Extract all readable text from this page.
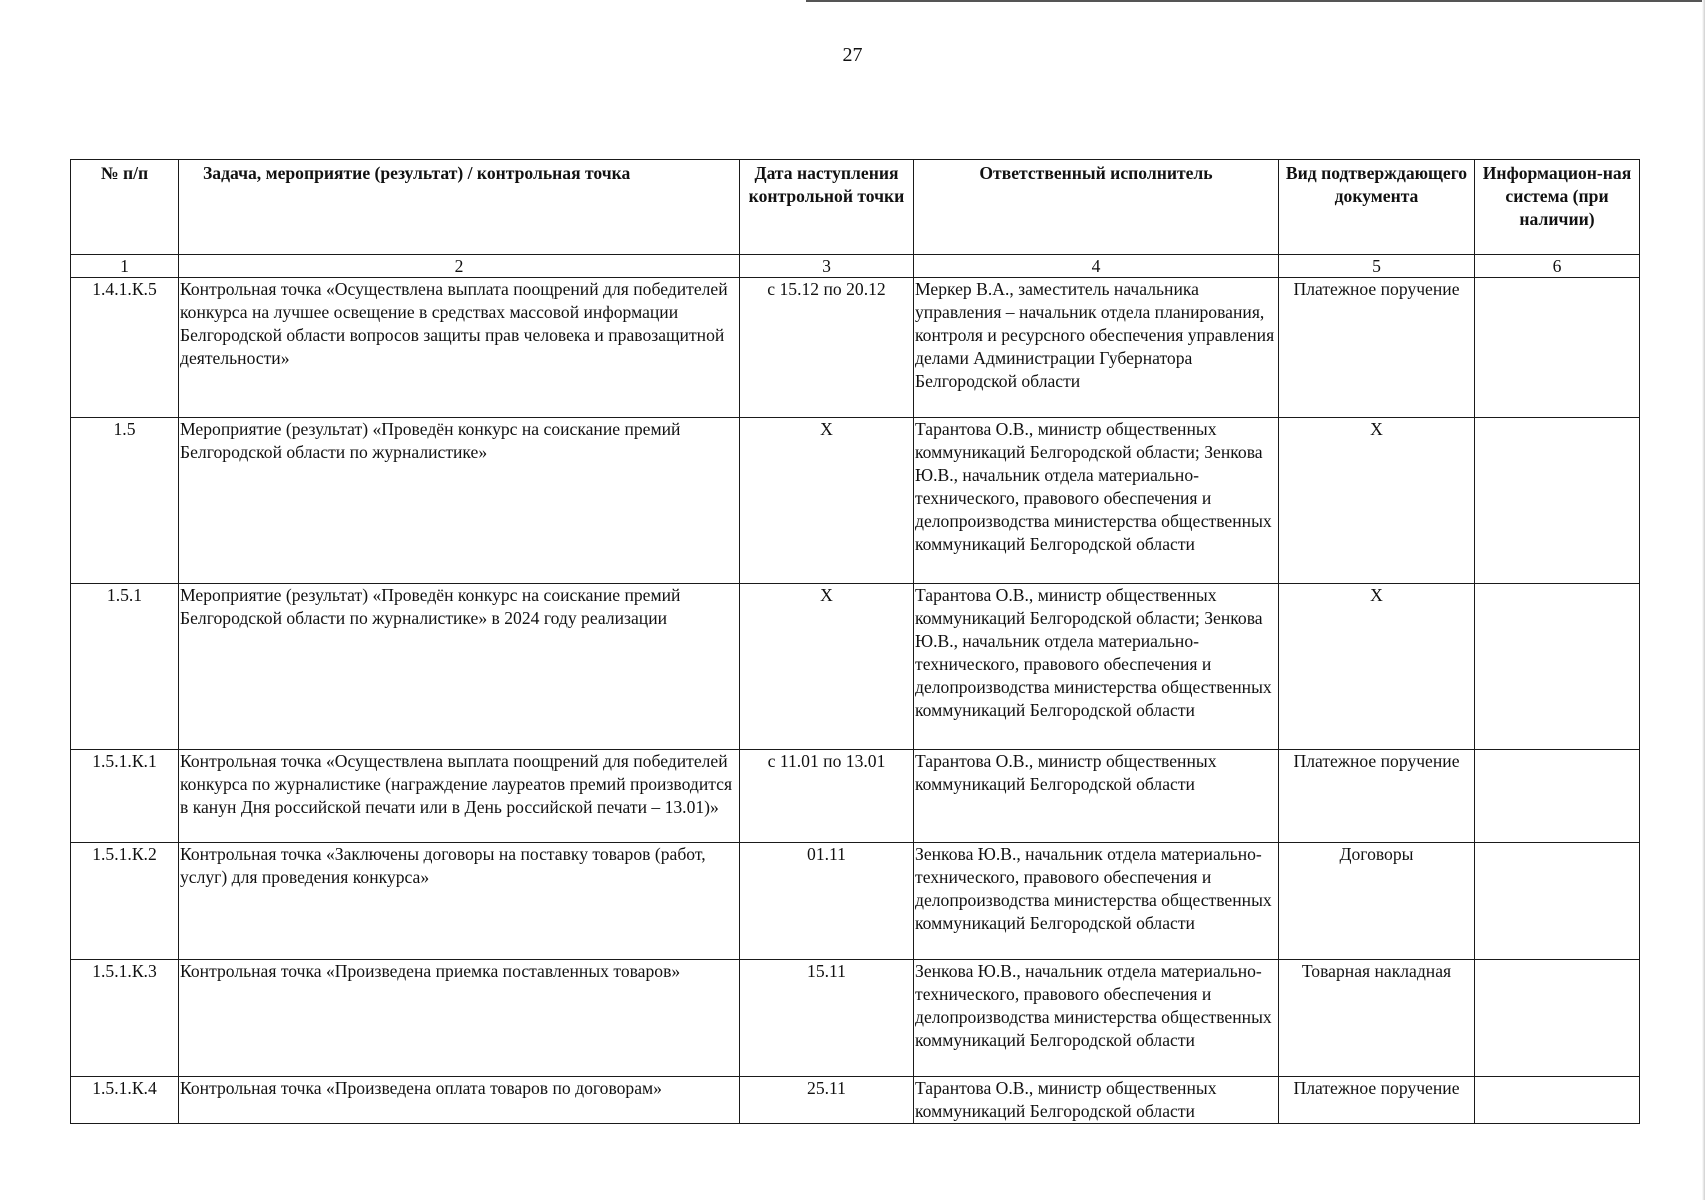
27
№ п/п	Задача, мероприятие (результат) / контрольная точка	Дата наступления контрольной точки	Ответственный исполнитель	Вид подтверждающего документа	Информацион-ная система (при наличии)
1	2	3	4	5	6
1.4.1.К.5	Контрольная точка «Осуществлена выплата поощрений для победителей конкурса на лучшее освещение в средствах массовой информации Белгородской области вопросов защиты прав человека и правозащитной деятельности»	с 15.12 по 20.12	Меркер В.А., заместитель начальника управления – начальник отдела планирования, контроля и ресурсного обеспечения управления делами Администрации Губернатора Белгородской области	Платежное поручение	
1.5	Мероприятие (результат) «Проведён конкурс на соискание премий Белгородской области по журналистике»	Х	Тарантова О.В., министр общественных коммуникаций Белгородской области; Зенкова Ю.В., начальник отдела материально-технического, правового обеспечения и делопроизводства министерства общественных коммуникаций Белгородской области	Х	
1.5.1	Мероприятие (результат) «Проведён конкурс на соискание премий Белгородской области по журналистике» в 2024 году реализации	Х	Тарантова О.В., министр общественных коммуникаций Белгородской области; Зенкова Ю.В., начальник отдела материально-технического, правового обеспечения и делопроизводства министерства общественных коммуникаций Белгородской области	Х	
1.5.1.К.1	Контрольная точка «Осуществлена выплата поощрений для победителей конкурса по журналистике (награждение лауреатов премий производится в канун Дня российской печати или в День российской печати – 13.01)»	с 11.01 по 13.01	Тарантова О.В., министр общественных коммуникаций Белгородской области	Платежное поручение	
1.5.1.К.2	Контрольная точка «Заключены договоры на поставку товаров (работ, услуг) для проведения конкурса»	01.11	Зенкова Ю.В., начальник отдела материально-технического, правового обеспечения и делопроизводства министерства общественных коммуникаций Белгородской области	Договоры	
1.5.1.К.3	Контрольная точка «Произведена приемка поставленных товаров»	15.11	Зенкова Ю.В., начальник отдела материально-технического, правового обеспечения и делопроизводства министерства общественных коммуникаций Белгородской области	Товарная накладная	
1.5.1.К.4	Контрольная точка «Произведена оплата товаров по договорам»	25.11	Тарантова О.В., министр общественных коммуникаций Белгородской области	Платежное поручение	
